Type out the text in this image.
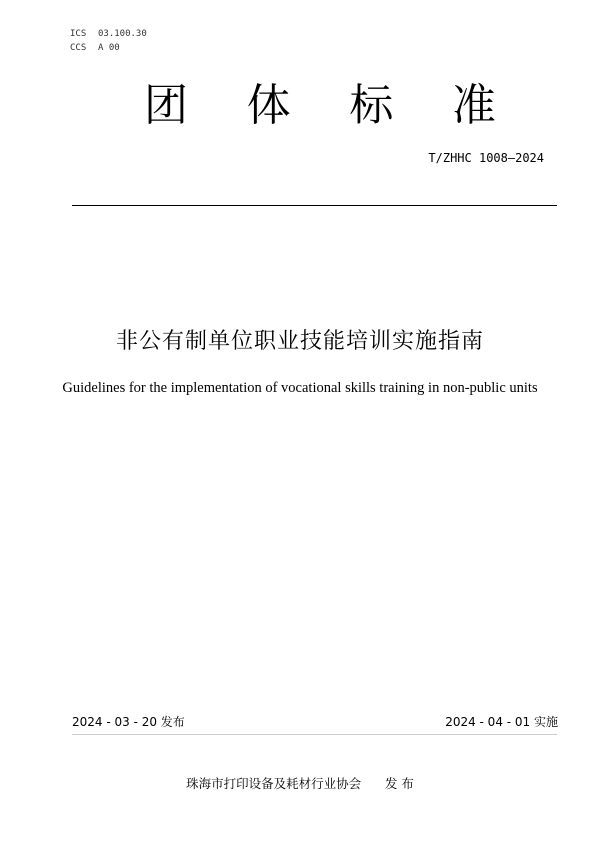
ICS 03.100.30
CCS A 00
团 体 标 准
T/ZHHC 1008—2024
非公有制单位职业技能培训实施指南
Guidelines for the implementation of vocational skills training in non-public units
2024 - 03 - 20 发布	2024 - 04 - 01 实施
珠海市打印设备及耗材行业协会 发 布
